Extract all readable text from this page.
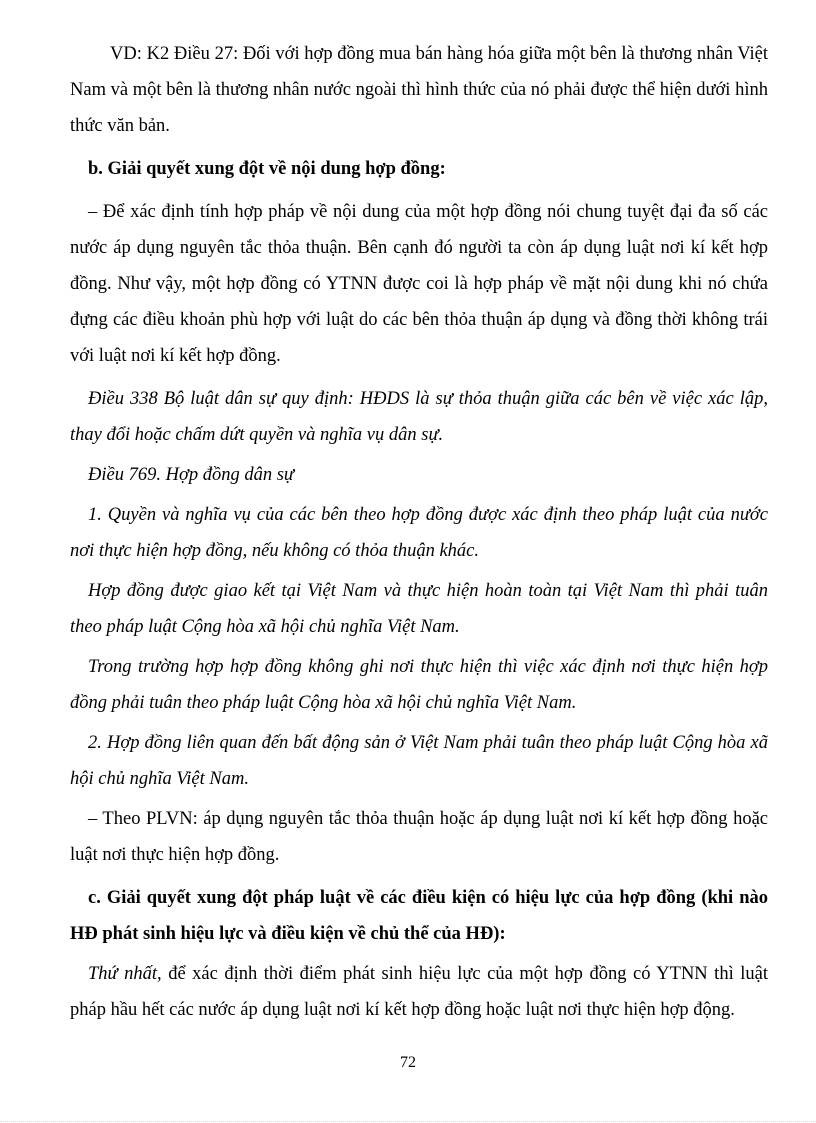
VD: K2 Điều 27: Đối với hợp đồng mua bán hàng hóa giữa một bên là thương nhân Việt Nam và một bên là thương nhân nước ngoài thì hình thức của nó phải được thể hiện dưới hình thức văn bản.

b. Giải quyết xung đột về nội dung hợp đồng:

– Để xác định tính hợp pháp về nội dung của một hợp đồng nói chung tuyệt đại đa số các nước áp dụng nguyên tắc thỏa thuận. Bên cạnh đó người ta còn áp dụng luật nơi kí kết hợp đồng. Như vậy, một hợp đồng có YTNN được coi là hợp pháp về mặt nội dung khi nó chứa đựng các điều khoản phù hợp với luật do các bên thỏa thuận áp dụng và đồng thời không trái với luật nơi kí kết hợp đồng.

Điều 338 Bộ luật dân sự quy định: HĐDS là sự thỏa thuận giữa các bên về việc xác lập, thay đổi hoặc chấm dứt quyền và nghĩa vụ dân sự.

Điều 769. Hợp đồng dân sự

1. Quyền và nghĩa vụ của các bên theo hợp đồng được xác định theo pháp luật của nước nơi thực hiện hợp đồng, nếu không có thỏa thuận khác.

Hợp đồng được giao kết tại Việt Nam và thực hiện hoàn toàn tại Việt Nam thì phải tuân theo pháp luật Cộng hòa xã hội chủ nghĩa Việt Nam.

Trong trường hợp hợp đồng không ghi nơi thực hiện thì việc xác định nơi thực hiện hợp đồng phải tuân theo pháp luật Cộng hòa xã hội chủ nghĩa Việt Nam.

2. Hợp đồng liên quan đến bất động sản ở Việt Nam phải tuân theo pháp luật Cộng hòa xã hội chủ nghĩa Việt Nam.

– Theo PLVN: áp dụng nguyên tắc thỏa thuận hoặc áp dụng luật nơi kí kết hợp đồng hoặc luật nơi thực hiện hợp đồng.

c. Giải quyết xung đột pháp luật về các điều kiện có hiệu lực của hợp đồng (khi nào HĐ phát sinh hiệu lực và điều kiện về chủ thể của HĐ):

Thứ nhất, để xác định thời điểm phát sinh hiệu lực của một hợp đồng có YTNN thì luật pháp hầu hết các nước áp dụng luật nơi kí kết hợp đồng hoặc luật nơi thực hiện hợp động.

72
